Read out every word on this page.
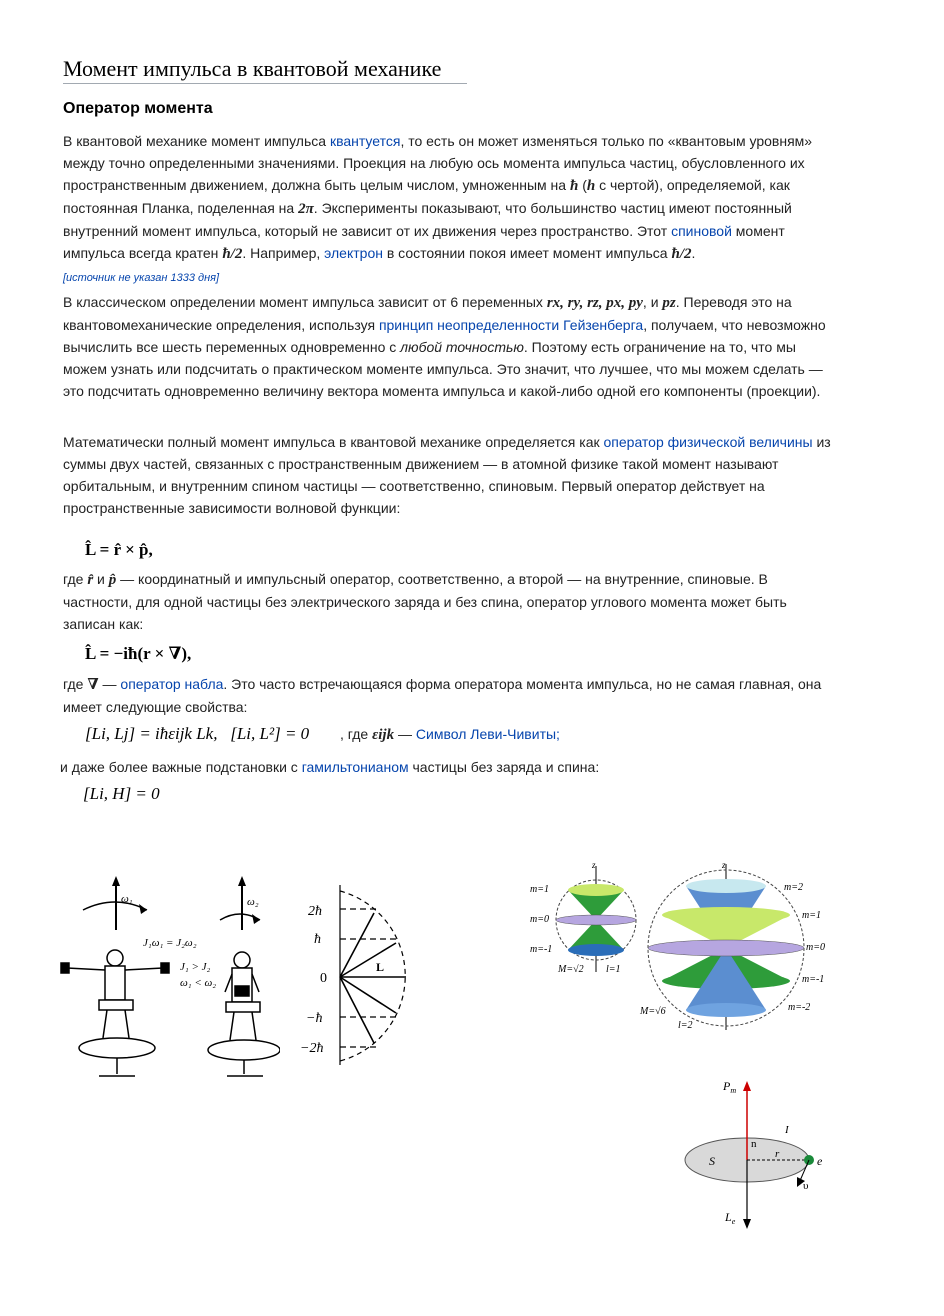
Момент импульса в квантовой механике
Оператор момента

В квантовой механике момент импульса квантуется, то есть он может изменяться только по «квантовым уровням» между точно определенными значениями. Проекция на любую ось момента импульса частиц, обусловленного их пространственным движением, должна быть целым числом, умноженным на ħ (h с чертой), определяемой, как постоянная Планка, поделенная на 2π. Эксперименты показывают, что большинство частиц имеют постоянный внутренний момент импульса, который не зависит от их движения через пространство. Этот спиновой момент импульса всегда кратен ħ/2. Например, электрон в состоянии покоя имеет момент импульса ħ/2.
[источник не указан 1333 дня]

В классическом определении момент импульса зависит от 6 переменных rx, ry, rz, px, py, и pz. Переводя это на квантовомеханические определения, используя принцип неопределенности Гейзенберга, получаем, что невозможно вычислить все шесть переменных одновременно с любой точностью. Поэтому есть ограничение на то, что мы можем узнать или подсчитать о практическом моменте импульса. Это значит, что лучшее, что мы можем сделать — это подсчитать одновременно величину вектора момента импульса и какой-либо одной его компоненты (проекции).

Математически полный момент импульса в квантовой механике определяется как оператор физической величины из суммы двух частей, связанных с пространственным движением — в атомной физике такой момент называют орбитальным, и внутренним спином частицы — соответственно, спиновым. Первый оператор действует на пространственные зависимости волновой функции:

L̂ = r̂ × p̂,

где r̂ и p̂ — координатный и импульсный оператор, соответственно, а второй — на внутренние, спиновые. В частности, для одной частицы без электрического заряда и без спина, оператор углового момента может быть записан как:

L̂ = −iħ(r × ∇),

где ∇ — оператор набла. Это часто встречающаяся форма оператора момента импульса, но не самая главная, она имеет следующие свойства:

[Li, Lj] = iħεijk Lk, [Li, L²] = 0 , где εijk — Символ Леви-Чивиты;

и даже более важные подстановки с гамильтонианом частицы без заряда и спина:

[Li, H] = 0
ω₁	ω₂
J₁ω₁ = J₂ω₂
J₁ > J₂
ω₁ < ω₂
2ħ
ħ
0
−ħ
−2ħ
L
z
m=1
m=0
m=-1
M=√2 l=1
z
m=2
m=1
m=0
m=-1
m=-2
M=√6
l=2
$P_m$
n
I
S	r	e
υ
$L_e$
